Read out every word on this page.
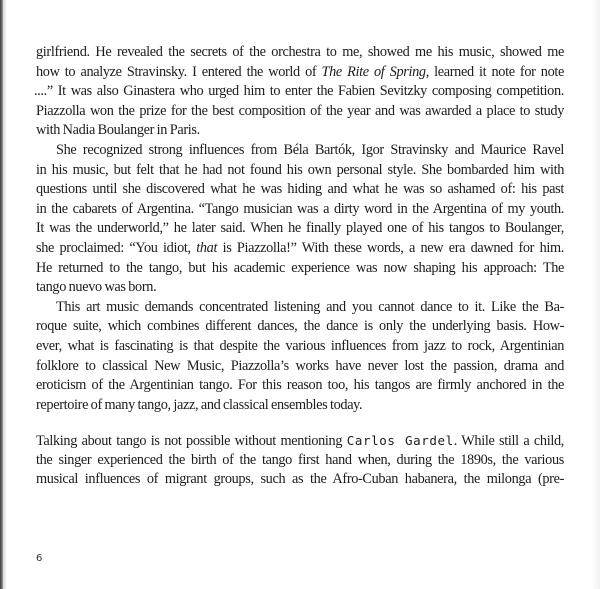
girlfriend. He revealed the secrets of the orchestra to me, showed me his music, showed me
how to analyze Stravinsky. I entered the world of The Rite of Spring, learned it note for note
....” It was also Ginastera who urged him to enter the Fabien Sevitzky composing competition.
Piazzolla won the prize for the best composition of the year and was awarded a place to study
with Nadia Boulanger in Paris.
She recognized strong influences from Béla Bartók, Igor Stravinsky and Maurice Ravel
in his music, but felt that he had not found his own personal style. She bombarded him with
questions until she discovered what he was hiding and what he was so ashamed of: his past
in the cabarets of Argentina. “Tango musician was a dirty word in the Argentina of my youth.
It was the underworld,” he later said. When he finally played one of his tangos to Boulanger,
she proclaimed: “You idiot, that is Piazzolla!” With these words, a new era dawned for him.
He returned to the tango, but his academic experience was now shaping his approach: The
tango nuevo was born.
This art music demands concentrated listening and you cannot dance to it. Like the Ba-
roque suite, which combines different dances, the dance is only the underlying basis. How-
ever, what is fascinating is that despite the various influences from jazz to rock, Argentinian
folklore to classical New Music, Piazzolla’s works have never lost the passion, drama and
eroticism of the Argentinian tango. For this reason too, his tangos are firmly anchored in the
repertoire of many tango, jazz, and classical ensembles today.
Talking about tango is not possible without mentioning Carlos Gardel. While still a child,
the singer experienced the birth of the tango first hand when, during the 1890s, the various
musical influences of migrant groups, such as the Afro-Cuban habanera, the milonga (pre-
6
